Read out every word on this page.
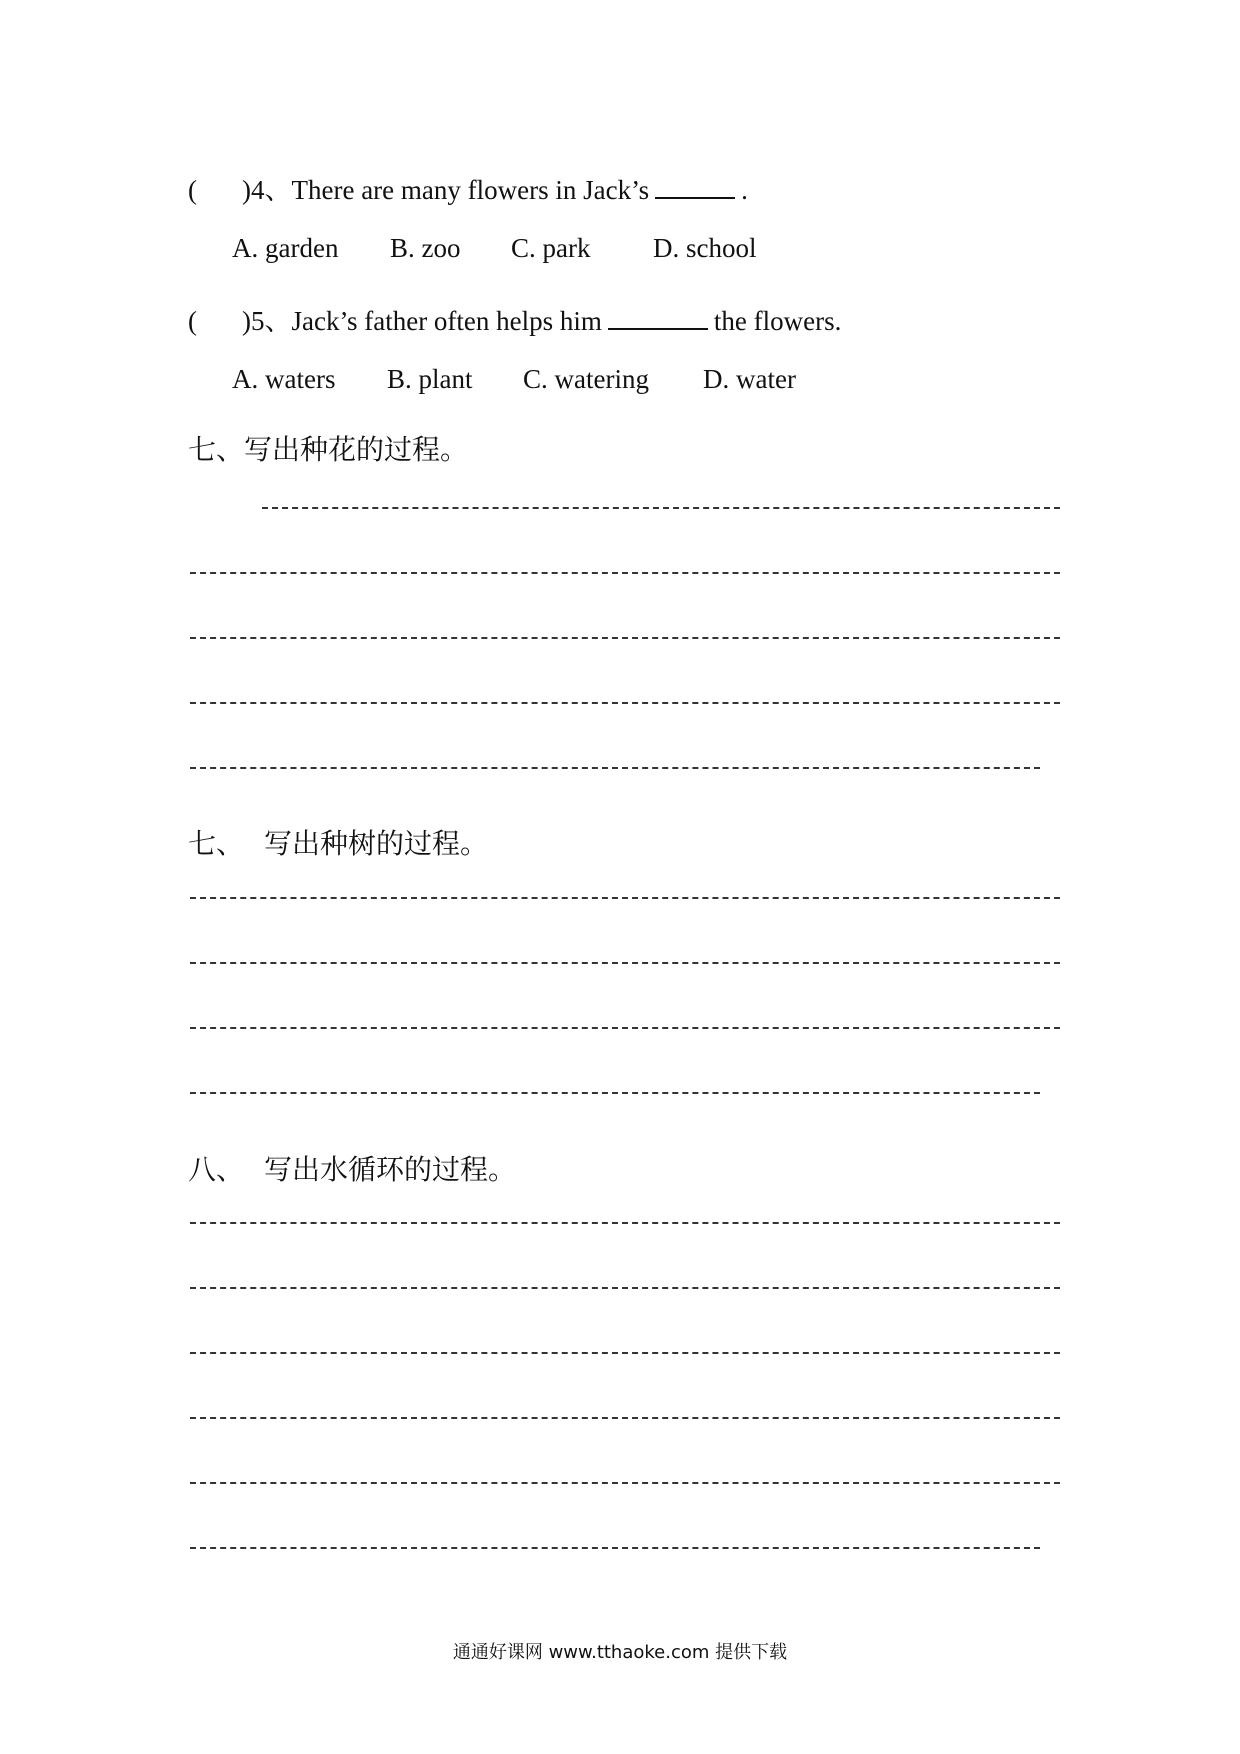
( )4、There are many flowers in Jack’s	.
A. garden B. zoo C. park D. school
( )5、Jack’s father often helps him	the flowers.
A. waters B. plant C. watering D. water
七、写出种花的过程。
七、 写出种树的过程。
八、 写出水循环的过程。
通通好课网 www.tthaoke.com 提供下载
